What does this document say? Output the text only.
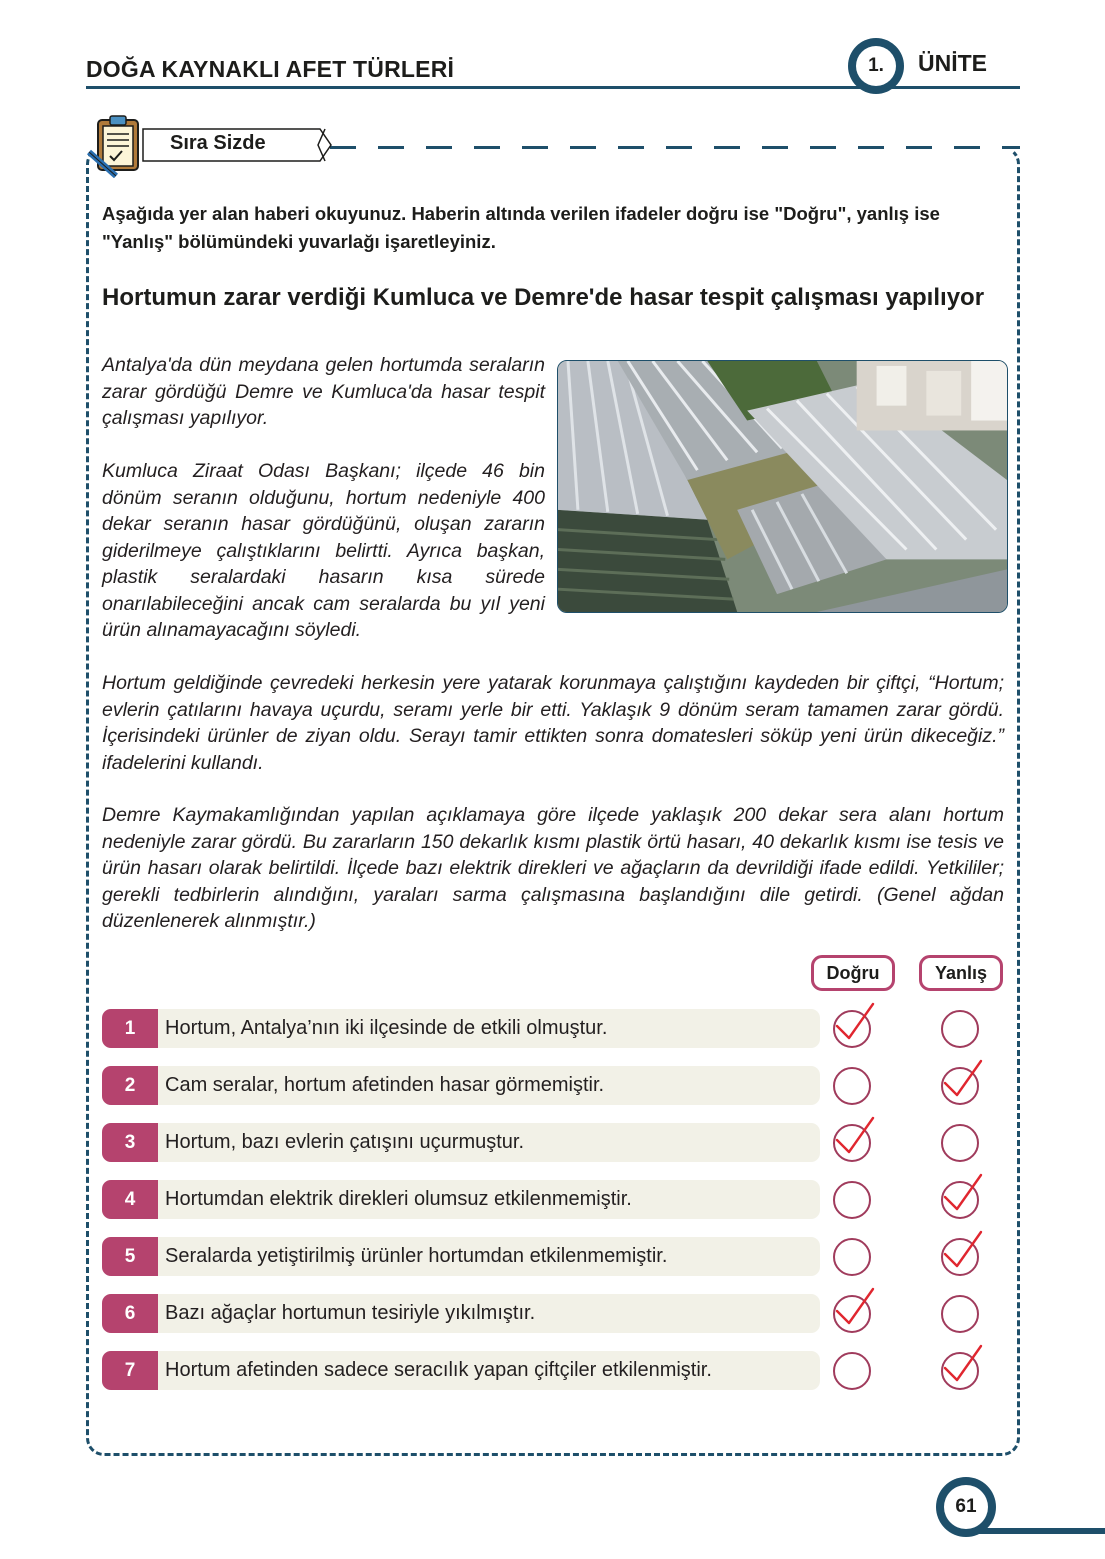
DOĞA KAYNAKLI AFET TÜRLERİ	1.	ÜNİTE
Sıra Sizde
Aşağıda yer alan haberi okuyunuz. Haberin altında verilen ifadeler doğru ise "Doğru", yanlış ise "Yanlış" bölümündeki yuvarlağı işaretleyiniz.
Hortumun zarar verdiği Kumluca ve Demre'de hasar tespit çalışması yapılıyor
Antalya'da dün meydana gelen hortumda seraların zarar gördüğü Demre ve Kumluca'da hasar tespit çalışması yapılıyor.
Kumluca Ziraat Odası Başkanı; ilçede 46 bin dönüm seranın olduğunu, hortum nedeniyle 400 dekar seranın hasar gördüğünü, oluşan zararın giderilmeye çalıştıklarını belirtti. Ayrıca başkan, plastik seralardaki hasarın kısa sürede onarılabileceğini ancak cam seralarda bu yıl yeni ürün alınamayacağını söyledi.
Hortum geldiğinde çevredeki herkesin yere yatarak korunmaya çalıştığını kaydeden bir çiftçi, “Hortum; evlerin çatılarını havaya uçurdu, seramı yerle bir etti. Yaklaşık 9 dönüm seram tamamen zarar gördü. İçerisindeki ürünler de ziyan oldu. Serayı tamir ettikten sonra domatesleri söküp yeni ürün dikeceğiz.” ifadelerini kullandı.
Demre Kaymakamlığından yapılan açıklamaya göre ilçede yaklaşık 200 dekar sera alanı hortum nedeniyle zarar gördü. Bu zararların 150 dekarlık kısmı plastik örtü hasarı, 40 dekarlık kısmı ise tesis ve ürün hasarı olarak belirtildi. İlçede bazı elektrik direkleri ve ağaçların da devrildiği ifade edildi. Yetkililer; gerekli tedbirlerin alındığını, yaraları sarma çalışmasına başlandığını dile getirdi. (Genel ağdan düzenlenerek alınmıştır.)
Doğru	Yanlış
1	Hortum, Antalya’nın iki ilçesinde de etkili olmuştur.
2	Cam seralar, hortum afetinden hasar görmemiştir.
3	Hortum, bazı evlerin çatışını uçurmuştur.
4	Hortumdan elektrik direkleri olumsuz etkilenmemiştir.
5	Seralarda yetiştirilmiş ürünler hortumdan etkilenmemiştir.
6	Bazı ağaçlar hortumun tesiriyle yıkılmıştır.
7	Hortum afetinden sadece seracılık yapan çiftçiler etkilenmiştir.
61
